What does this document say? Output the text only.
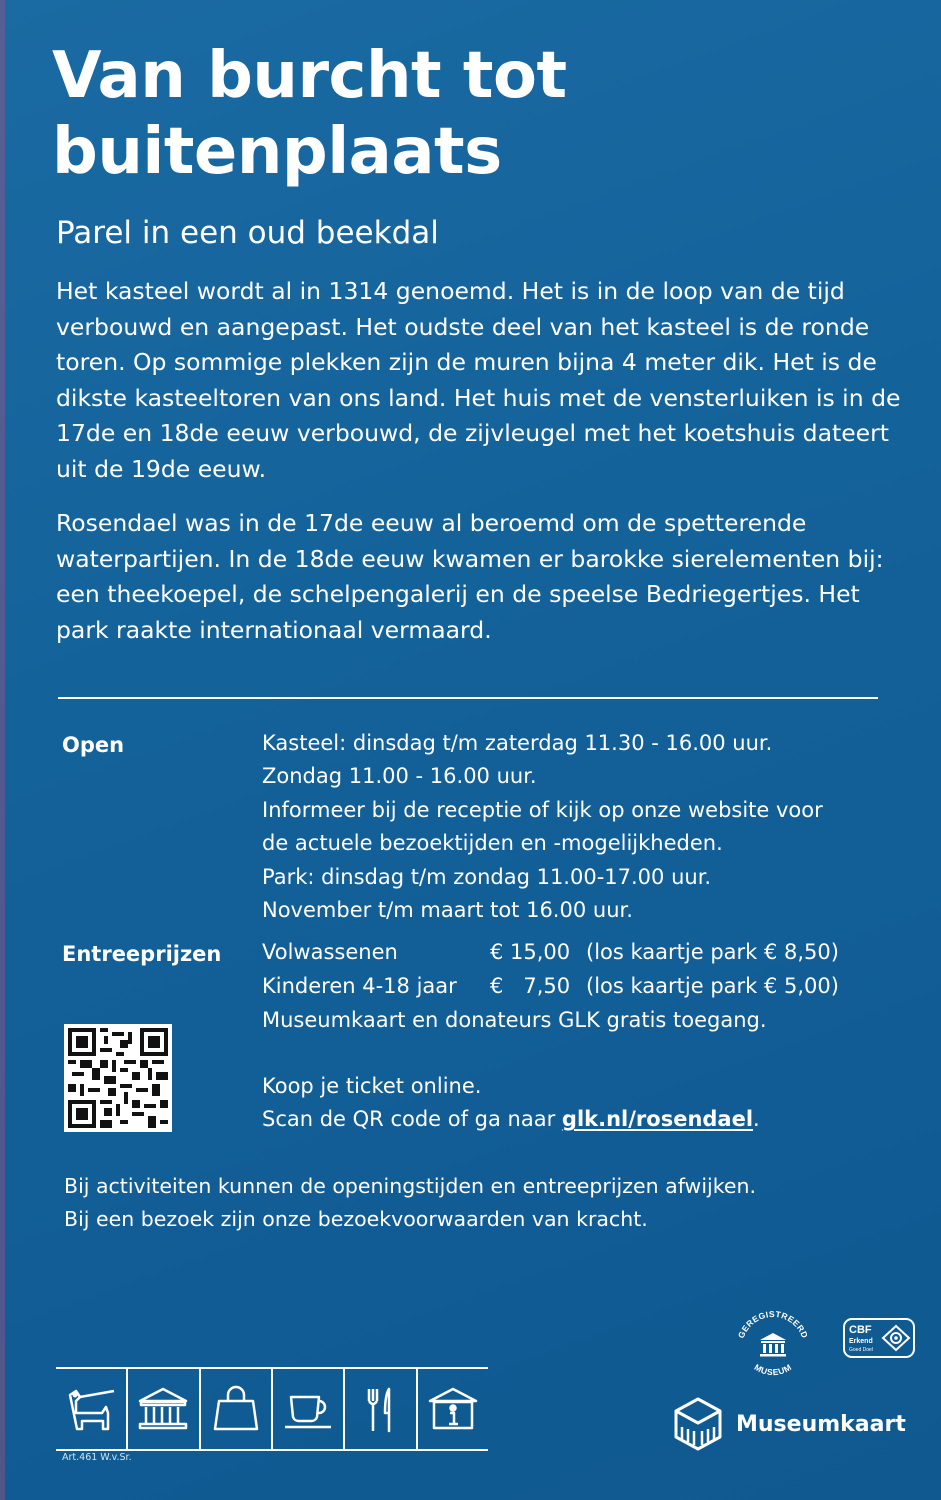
Van burcht tot
buitenplaats
Parel in een oud beekdal

Het kasteel wordt al in 1314 genoemd. Het is in de loop van de tijd verbouwd en aangepast. Het oudste deel van het kasteel is de ronde toren. Op sommige plekken zijn de muren bijna 4 meter dik. Het is de dikste kasteeltoren van ons land. Het huis met de vensterluiken is in de 17de en 18de eeuw verbouwd, de zijvleugel met het koetshuis dateert uit de 19de eeuw.

Rosendael was in de 17de eeuw al beroemd om de spetterende waterpartijen. In de 18de eeuw kwamen er barokke sierelementen bij: een theekoepel, de schelpengalerij en de speelse Bedriegertjes. Het park raakte internationaal vermaard.

Open	Kasteel: dinsdag t/m zaterdag 11.30 - 16.00 uur.
Zondag 11.00 - 16.00 uur.
Informeer bij de receptie of kijk op onze website voor
de actuele bezoektijden en -mogelijkheden.
Park: dinsdag t/m zondag 11.00-17.00 uur.
November t/m maart tot 16.00 uur.
Entreeprijzen Volwassenen	€ 15,00 (los kaartje park € 8,50)
Kinderen 4-18 jaar	€   7,50 (los kaartje park € 5,00)
Museumkaart en donateurs GLK gratis toegang.
Koop je ticket online.
Scan de QR code of ga naar glk.nl/rosendael.
Bij activiteiten kunnen de openingstijden en entreeprijzen afwijken.
Bij een bezoek zijn onze bezoekvoorwaarden van kracht.
GEREGISTREERD
MUSEUM
CBF
Erkend
Goed Doel
Art.461 W.v.Sr.
Museumkaart
